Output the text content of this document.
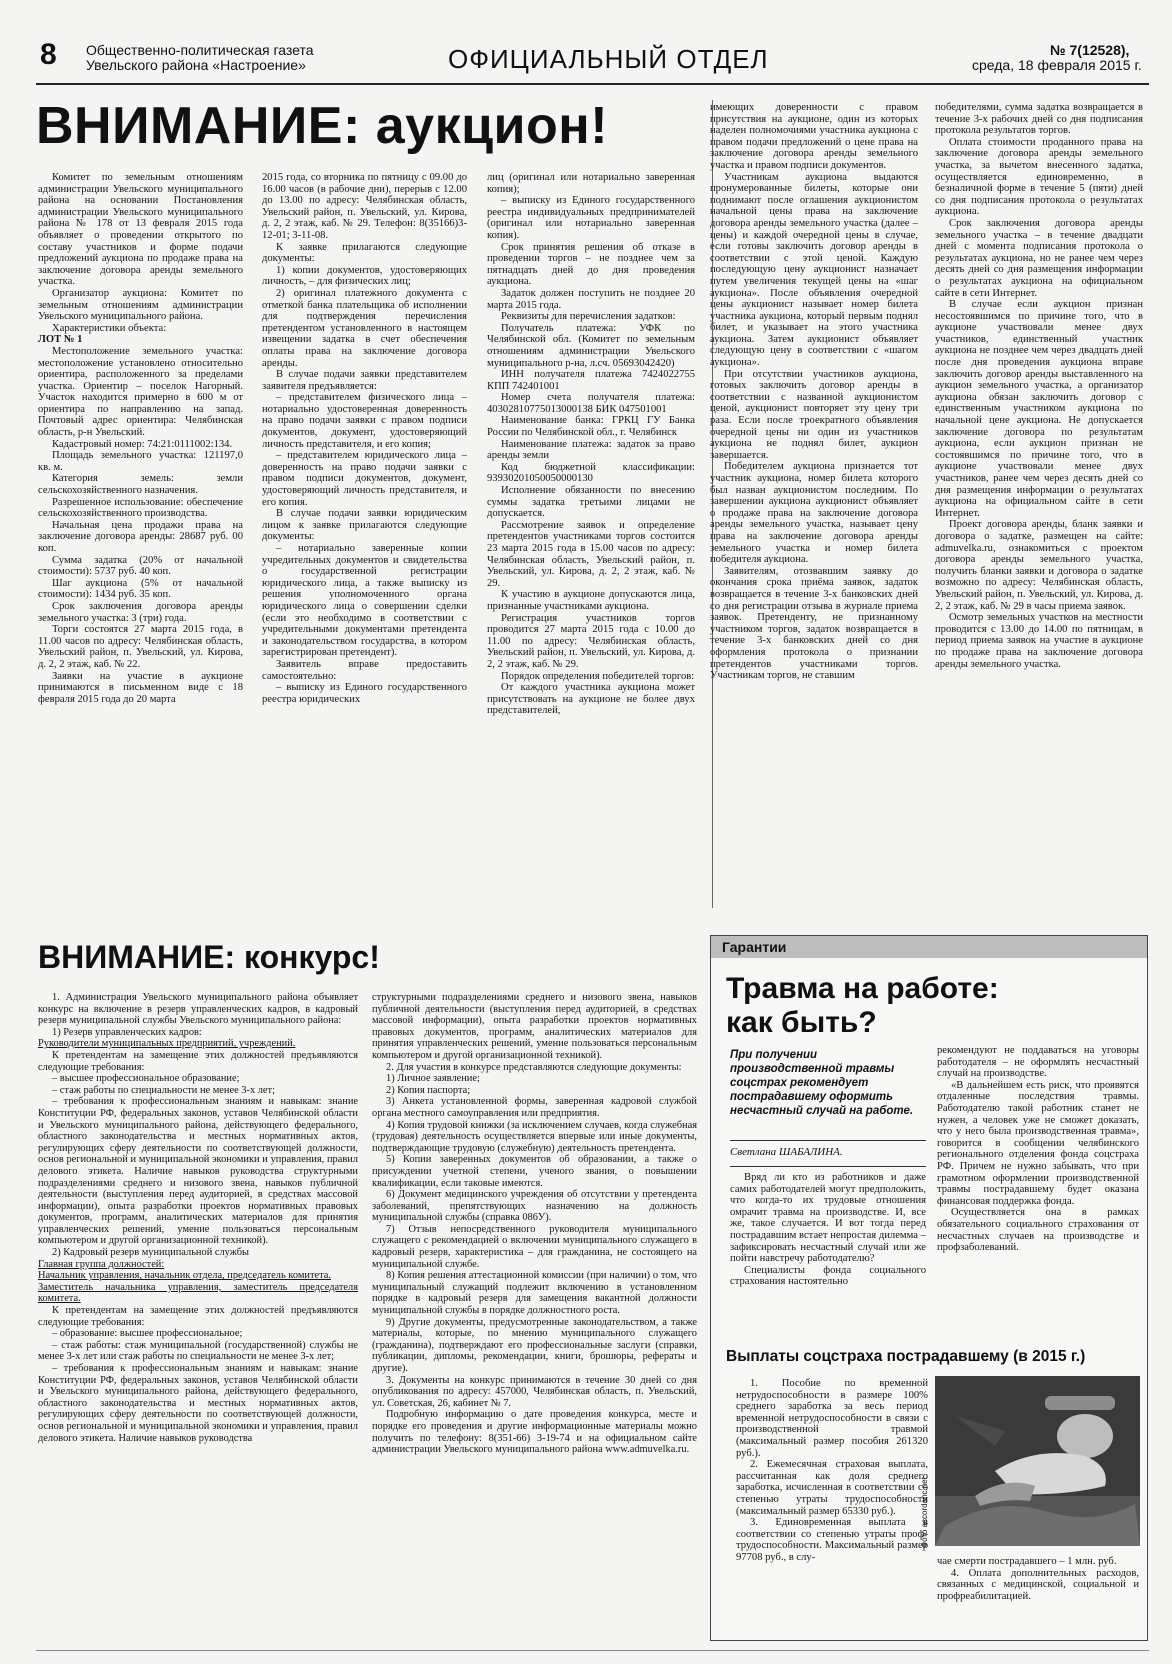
8 Общественно-политическая газета
Увельского района «Настроение»	ОФИЦИАЛЬНЫЙ ОТДЕЛ	№ 7(12528),
среда, 18 февраля 2015 г.
ВНИМАНИЕ: аукцион!

Комитет по земельным отношениям администрации Увельского муниципального района на основании Постановления администрации Увельского муниципального района № 178 от 13 февраля 2015 года объявляет о проведении открытого по составу участников и форме подачи предложений аукциона по продаже права на заключение договора аренды земельного участка.

Организатор аукциона: Комитет по земельным отношениям администрации Увельского муниципального района.

Характеристики объекта:

ЛОТ № 1

Местоположение земельного участка: местоположение установлено относительно ориентира, расположенного за пределами участка. Ориентир – поселок Нагорный. Участок находится примерно в 600 м от ориентира по направлению на запад. Почтовый адрес ориентира: Челябинская область, р-н Увельский.

Кадастровый номер: 74:21:0111002:134.

Площадь земельного участка: 121197,0 кв. м.

Категория земель: земли сельскохозяйственного назначения.

Разрешенное использование: обеспечение сельскохозяйственного производства.

Начальная цена продажи права на заключение договора аренды: 28687 руб. 00 коп.

Сумма задатка (20% от начальной стоимости): 5737 руб. 40 коп.

Шаг аукциона (5% от начальной стоимости): 1434 руб. 35 коп.

Срок заключения договора аренды земельного участка: 3 (три) года.

Торги состоятся 27 марта 2015 года, в 11.00 часов по адресу: Челябинская область, Увельский район, п. Увельский, ул. Кирова, д. 2, 2 этаж, каб. № 22.

Заявки на участие в аукционе принимаются в письменном виде с 18 февраля 2015 года до 20 марта

2015 года, со вторника по пятницу с 09.00 до 16.00 часов (в рабочие дни), перерыв с 12.00 до 13.00 по адресу: Челябинская область, Увельский район, п. Увельский, ул. Кирова, д. 2, 2 этаж, каб. № 29. Телефон: 8(35166)3-12-01; 3-11-08.

К заявке прилагаются следующие документы:

1) копии документов, удостоверяющих личность, – для физических лиц;

2) оригинал платежного документа с отметкой банка плательщика об исполнении для подтверждения перечисления претендентом установленного в настоящем извещении задатка в счет обеспечения оплаты права на заключение договора аренды.

В случае подачи заявки представителем заявителя предъявляется:

– представителем физического лица – нотариально удостоверенная доверенность на право подачи заявки с правом подписи документов, документ, удостоверяющий личность представителя, и его копия;

– представителем юридического лица – доверенность на право подачи заявки с правом подписи документов, документ, удостоверяющий личность представителя, и его копия.

В случае подачи заявки юридическим лицом к заявке прилагаются следующие документы:

– нотариально заверенные копии учредительных документов и свидетельства о государственной регистрации юридического лица, а также выписку из решения уполномоченного органа юридического лица о совершении сделки (если это необходимо в соответствии с учредительными документами претендента и законодательством государства, в котором зарегистрирован претендент).

Заявитель вправе предоставить самостоятельно:

– выписку из Единого государственного реестра юридических

лиц (оригинал или нотариально заверенная копия);

– выписку из Единого государственного реестра индивидуальных предпринимателей (оригинал или нотариально заверенная копия).

Срок принятия решения об отказе в проведении торгов – не позднее чем за пятнадцать дней до дня проведения аукциона.

Задаток должен поступить не позднее 20 марта 2015 года.

Реквизиты для перечисления задатков:

Получатель платежа: УФК по Челябинской обл. (Комитет по земельным отношениям администрации Увельского муниципального р-на, л.сч. 05693042420)

ИНН получателя платежа 7424022755 КПП 742401001

Номер счета получателя платежа: 40302810775013000138 БИК 047501001

Наименование банка: ГРКЦ ГУ Банка России по Челябинской обл., г. Челябинск

Наименование платежа: задаток за право аренды земли

Код бюджетной классификации: 93930201050050000130

Исполнение обязанности по внесению суммы задатка третьими лицами не допускается.

Рассмотрение заявок и определение претендентов участниками торгов состоится 23 марта 2015 года в 15.00 часов по адресу: Челябинская область, Увельский район, п. Увельский, ул. Кирова, д. 2, 2 этаж, каб. № 29.

К участию в аукционе допускаются лица, признанные участниками аукциона.

Регистрация участников торгов проводится 27 марта 2015 года с 10.00 до 11.00 по адресу: Челябинская область, Увельский район, п. Увельский, ул. Кирова, д. 2, 2 этаж, каб. № 29.

Порядок определения победителей торгов:

От каждого участника аукциона может присутствовать на аукционе не более двух представителей,

имеющих доверенности с правом присутствия на аукционе, один из которых наделен полномочиями участника аукциона с правом подачи предложений о цене права на заключение договора аренды земельного участка и правом подписи документов.

Участникам аукциона выдаются пронумерованные билеты, которые они поднимают после оглашения аукционистом начальной цены права на заключение договора аренды земельного участка (далее – цены) и каждой очередной цены в случае, если готовы заключить договор аренды в соответствии с этой ценой. Каждую последующую цену аукционист назначает путем увеличения текущей цены на «шаг аукциона». После объявления очередной цены аукционист называет номер билета участника аукциона, который первым поднял билет, и указывает на этого участника аукциона. Затем аукционист объявляет следующую цену в соответствии с «шагом аукциона».

При отсутствии участников аукциона, готовых заключить договор аренды в соответствии с названной аукционистом ценой, аукционист повторяет эту цену три раза. Если после троекратного объявления очередной цены ни один из участников аукциона не поднял билет, аукцион завершается.

Победителем аукциона признается тот участник аукциона, номер билета которого был назван аукционистом последним. По завершении аукциона аукционист объявляет о продаже права на заключение договора аренды земельного участка, называет цену права на заключение договора аренды земельного участка и номер билета победителя аукциона.

Заявителям, отозвавшим заявку до окончания срока приёма заявок, задаток возвращается в течение 3-х банковских дней со дня регистрации отзыва в журнале приема заявок. Претенденту, не признанному участником торгов, задаток возвращается в течение 3-х банковских дней со дня оформления протокола о признании претендентов участниками торгов. Участникам торгов, не ставшим

победителями, сумма задатка возвращается в течение 3-х рабочих дней со дня подписания протокола результатов торгов.

Оплата стоимости проданного права на заключение договора аренды земельного участка, за вычетом внесенного задатка, осуществляется единовременно, в безналичной форме в течение 5 (пяти) дней со дня подписания протокола о результатах аукциона.

Срок заключения договора аренды земельного участка – в течение двадцати дней с момента подписания протокола о результатах аукциона, но не ранее чем через десять дней со дня размещения информации о результатах аукциона на официальном сайте в сети Интернет.

В случае если аукцион признан несостоявшимся по причине того, что в аукционе участвовали менее двух участников, единственный участник аукциона не позднее чем через двадцать дней после дня проведения аукциона вправе заключить договор аренды выставленного на аукцион земельного участка, а организатор аукциона обязан заключить договор с единственным участником аукциона по начальной цене аукциона. Не допускается заключение договора по результатам аукциона, если аукцион признан не состоявшимся по причине того, что в аукционе участвовали менее двух участников, ранее чем через десять дней со дня размещения информации о результатах аукциона на официальном сайте в сети Интернет.

Проект договора аренды, бланк заявки и договора о задатке, размещен на сайте: admuvelka.ru, ознакомиться с проектом договора аренды земельного участка, получить бланки заявки и договора о задатке возможно по адресу: Челябинская область, Увельский район, п. Увельский, ул. Кирова, д. 2, 2 этаж, каб. № 29 в часы приема заявок.

Осмотр земельных участков на местности проводится с 13.00 до 14.00 по пятницам, в период приема заявок на участие в аукционе по продаже права на заключение договора аренды земельного участка.

ВНИМАНИЕ: конкурс!

1. Администрация Увельского муниципального района объявляет конкурс на включение в резерв управленческих кадров, в кадровый резерв муниципальной службы Увельского муниципального района:

1) Резерв управленческих кадров:

Руководители муниципальных предприятий, учреждений.

К претендентам на замещение этих должностей предъявляются следующие требования:

– высшее профессиональное образование;

– стаж работы по специальности не менее 3-х лет;

– требования к профессиональным знаниям и навыкам: знание Конституции РФ, федеральных законов, уставов Челябинской области и Увельского муниципального района, действующего федерального, областного законодательства и местных нормативных актов, регулирующих сферу деятельности по соответствующей должности, основ региональной и муниципальной экономики и управления, правил делового этикета. Наличие навыков руководства структурными подразделениями среднего и низового звена, навыков публичной деятельности (выступления перед аудиторией, в средствах массовой информации), опыта разработки проектов нормативных правовых документов, программ, аналитических материалов для принятия управленческих решений, умение пользоваться персональным компьютером и другой организационной техникой).

2) Кадровый резерв муниципальной службы

Главная группа должностей:

Начальник управления, начальник отдела, председатель комитета.

Заместитель начальника управления, заместитель председателя комитета.

К претендентам на замещение этих должностей предъявляются следующие требования:

– образование: высшее профессиональное;

– стаж работы: стаж муниципальной (государственной) службы не менее 3-х лет или стаж работы по специальности не менее 3-х лет;

– требования к профессиональным знаниям и навыкам: знание Конституции РФ, федеральных законов, уставов Челябинской области и Увельского муниципального района, действующего федерального, областного законодательства и местных нормативных актов, регулирующих сферу деятельности по соответствующей должности, основ региональной и муниципальной экономики и управления, правил делового этикета. Наличие навыков руководства

структурными подразделениями среднего и низового звена, навыков публичной деятельности (выступления перед аудиторией, в средствах массовой информации), опыта разработки проектов нормативных правовых документов, программ, аналитических материалов для принятия управленческих решений, умение пользоваться персональным компьютером и другой организационной техникой).

2. Для участия в конкурсе представляются следующие документы:

1) Личное заявление;

2) Копия паспорта;

3) Анкета установленной формы, заверенная кадровой службой органа местного самоуправления или предприятия.

4) Копия трудовой книжки (за исключением случаев, когда служебная (трудовая) деятельность осуществляется впервые или иные документы, подтверждающие трудовую (служебную) деятельность претендента.

5) Копии заверенных документов об образовании, а также о присуждении учетной степени, ученого звания, о повышении квалификации, если таковые имеются.

6) Документ медицинского учреждения об отсутствии у претендента заболеваний, препятствующих назначению на должность муниципальной службы (справка 086У).

7) Отзыв непосредственного руководителя муниципального служащего с рекомендацией о включении муниципального служащего в кадровый резерв, характеристика – для гражданина, не состоящего на муниципальной службе.

8) Копия решения аттестационной комиссии (при наличии) о том, что муниципальный служащий подлежит включению в установленном порядке в кадровый резерв для замещения вакантной должности муниципальной службы в порядке должностного роста.

9) Другие документы, предусмотренные законодательством, а также материалы, которые, по мнению муниципального служащего (гражданина), подтверждают его профессиональные заслуги (справки, публикации, дипломы, рекомендации, книги, брошюры, рефераты и другие).

3. Документы на конкурс принимаются в течение 30 дней со дня опубликования по адресу: 457000, Челябинская область, п. Увельский, ул. Советская, 26, кабинет № 7.

Подробную информацию о дате проведения конкурса, месте и порядке его проведения и другие информационные материалы можно получить по телефону: 8(351-66) 3-19-74 и на официальном сайте администрации Увельского муниципального района www.admuvelka.ru.

Гарантии
Травма на работе:
как быть?
При получении производственной травмы соцстрах рекомендует пострадавшему оформить несчастный случай на работе.
Светлана ШАБАЛИНА.

Вряд ли кто из работников и даже самих работодателей могут предположить, что когда-то их трудовые отношения омрачит травма на производстве. И, все же, такое случается. И вот тогда перед пострадавшим встает непростая дилемма – зафиксировать несчастный случай или же пойти навстречу работодателю?

Специалисты фонда социального страхования настоятельно

рекомендуют не поддаваться на уговоры работодателя – не оформлять несчастный случай на производстве.

«В дальнейшем есть риск, что проявятся отдаленные последствия травмы. Работодателю такой работник станет не нужен, а человек уже не сможет доказать, что у него была производственная травма», говорится в сообщении челябинского регионального отделения фонда соцстраха РФ. Причем не нужно забывать, что при грамотном оформлении производственной травмы пострадавшему будет оказана финансовая поддержка фонда.

Осуществляется она в рамках обязательного социального страхования от несчастных случаев на производстве и профзаболеваний.

Выплаты соцстраха пострадавшему (в 2015 г.)

1. Пособие по временной нетрудоспособности в размере 100% среднего заработка за весь период временной нетрудоспособности в связи с производственной травмой (максимальный размер пособия 261320 руб.).

2. Ежемесячная страховая выплата, рассчитанная как доля среднего заработка, исчисленная в соответствии со степенью утраты трудоспособности (максимальный размер 65330 руб.).

3. Единовременная выплата в соответствии со степенью утраты проф-трудоспособности. Максимальный размер 97708 руб., в слу-

Фото accordanc.net

чае смерти пострадавшего – 1 млн. руб.

4. Оплата дополнительных расходов, связанных с медицинской, социальной и профреабилитацией.
